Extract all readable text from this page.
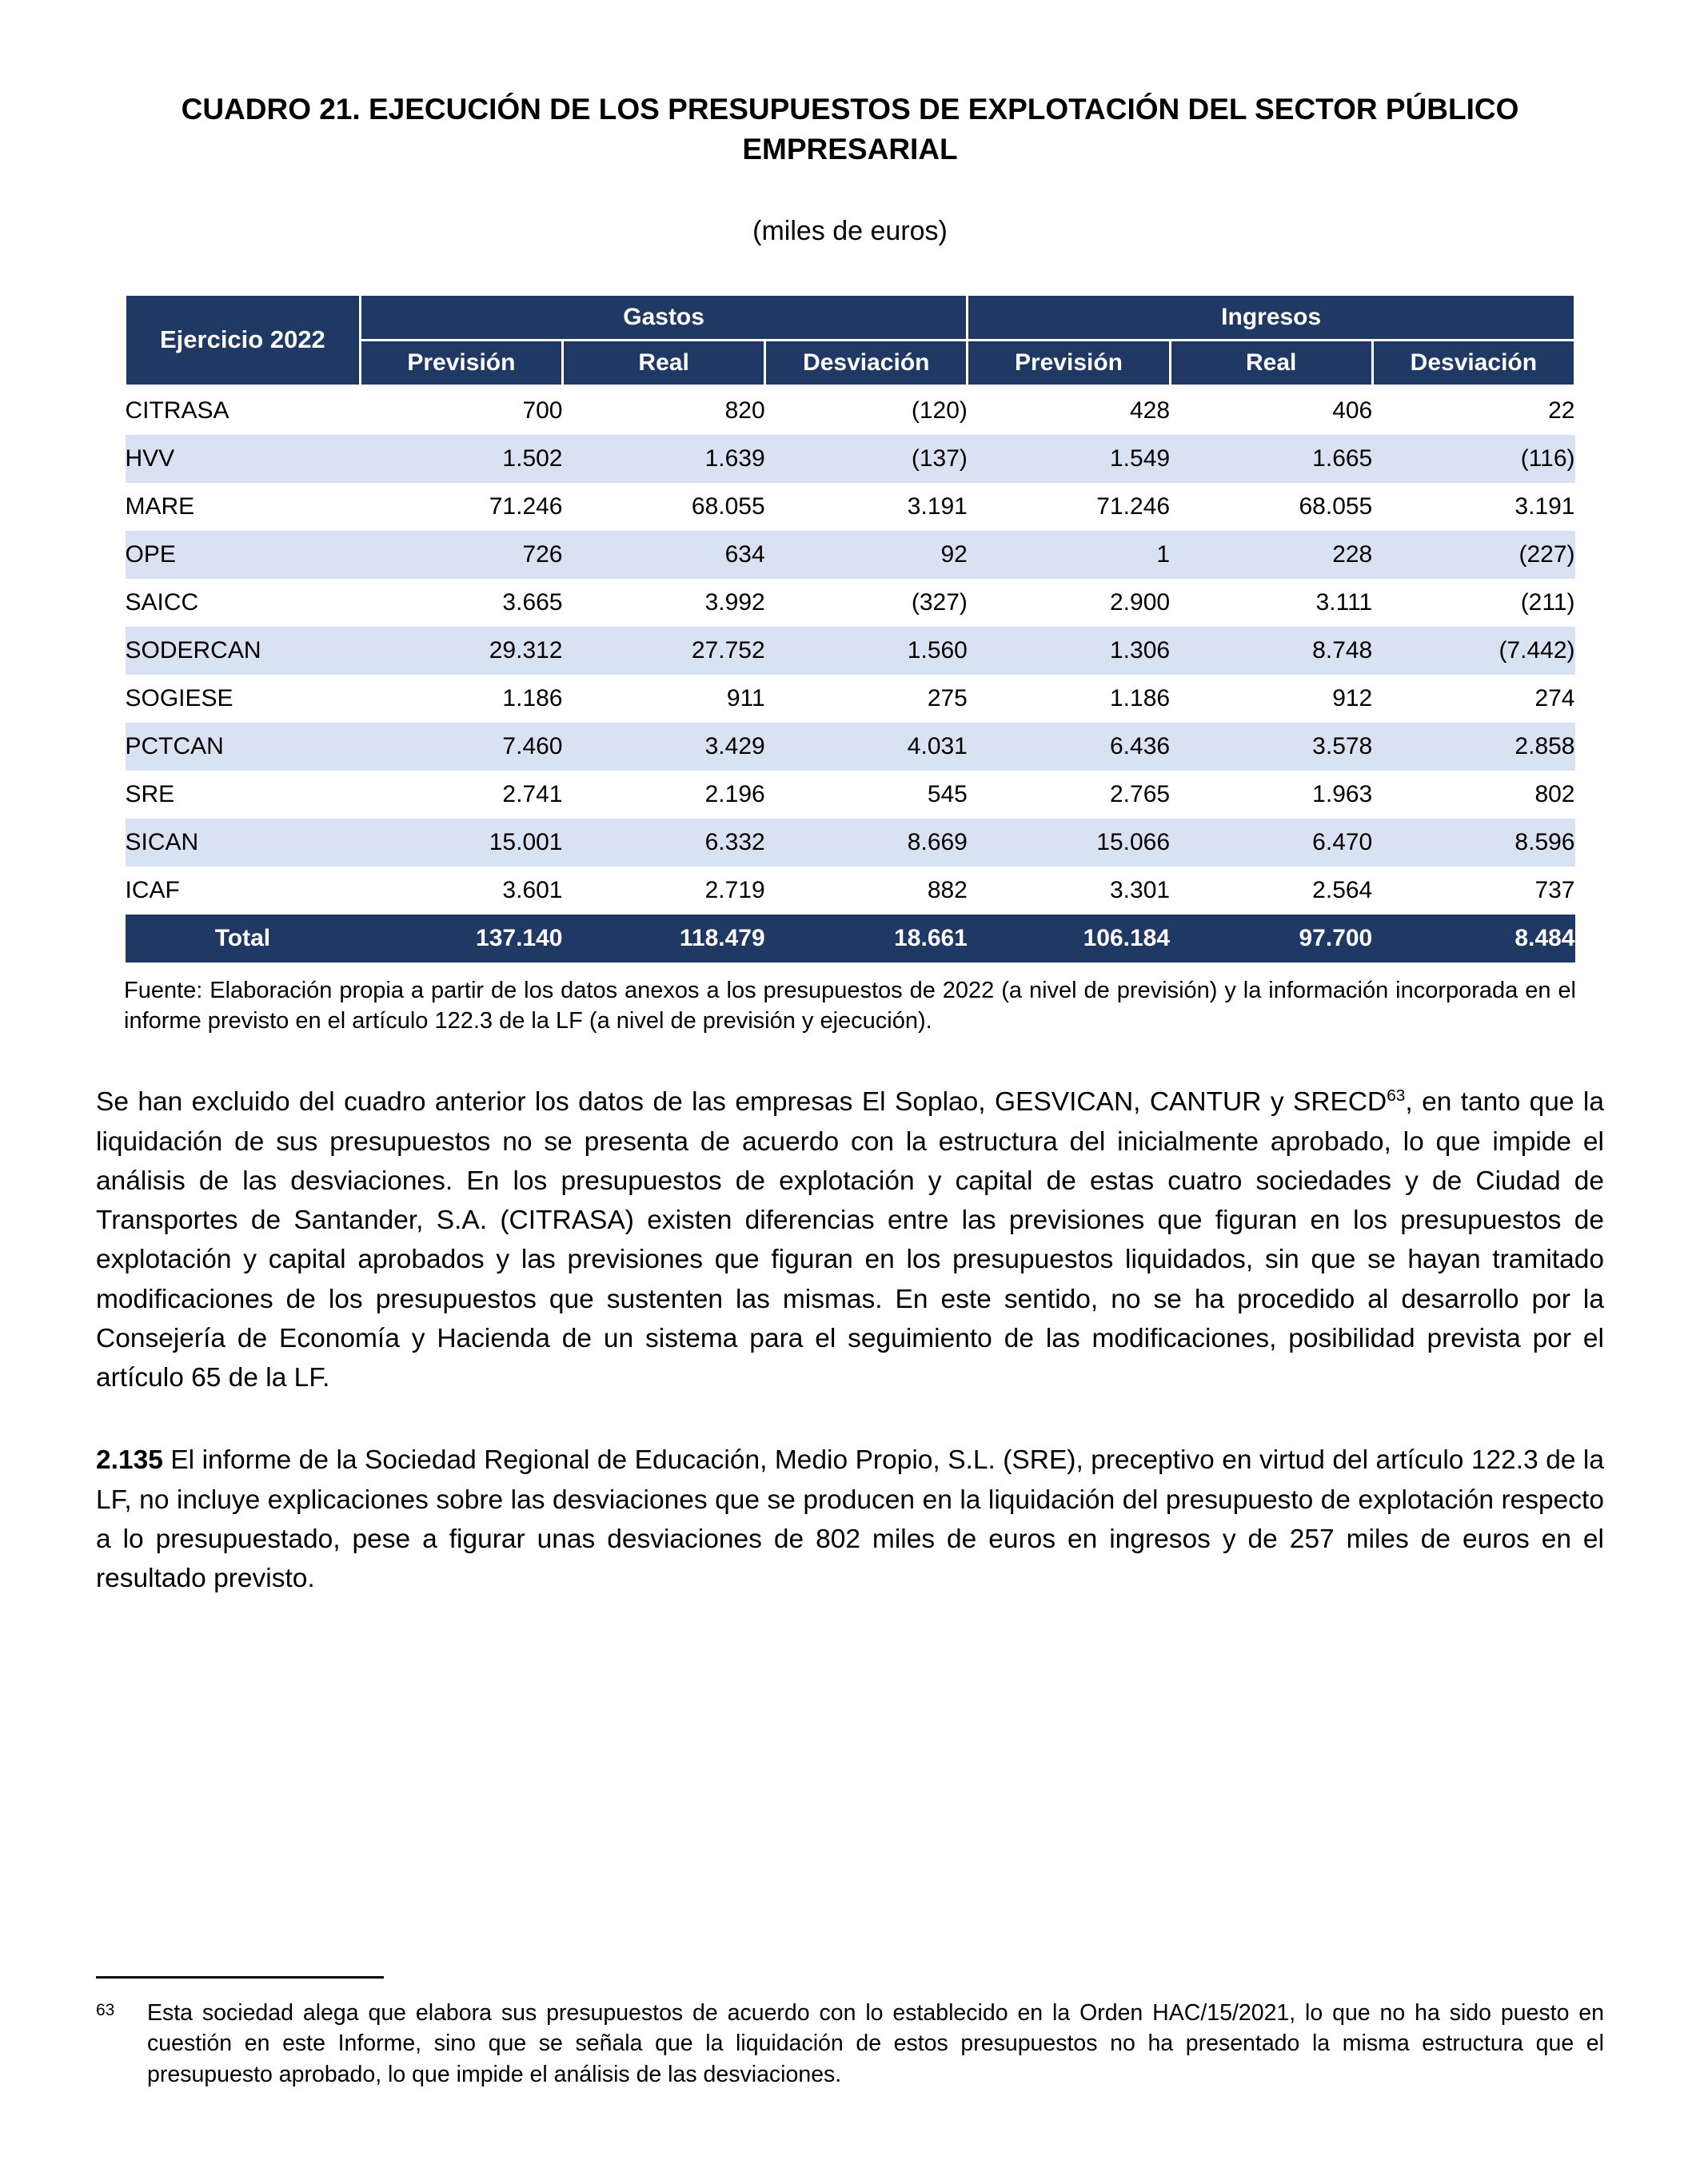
CUADRO 21. EJECUCIÓN DE LOS PRESUPUESTOS DE EXPLOTACIÓN DEL SECTOR PÚBLICO EMPRESARIAL
(miles de euros)
Ejercicio 2022	Gastos			Ingresos		
	Previsión	Real	Desviación	Previsión	Real	Desviación
CITRASA	700	820	(120)	428	406	22
HVV	1.502	1.639	(137)	1.549	1.665	(116)
MARE	71.246	68.055	3.191	71.246	68.055	3.191
OPE	726	634	92	1	228	(227)
SAICC	3.665	3.992	(327)	2.900	3.111	(211)
SODERCAN	29.312	27.752	1.560	1.306	8.748	(7.442)
SOGIESE	1.186	911	275	1.186	912	274
PCTCAN	7.460	3.429	4.031	6.436	3.578	2.858
SRE	2.741	2.196	545	2.765	1.963	802
SICAN	15.001	6.332	8.669	15.066	6.470	8.596
ICAF	3.601	2.719	882	3.301	2.564	737
Total	137.140	118.479	18.661	106.184	97.700	8.484
Fuente: Elaboración propia a partir de los datos anexos a los presupuestos de 2022 (a nivel de previsión) y la información incorporada en el informe previsto en el artículo 122.3 de la LF (a nivel de previsión y ejecución).

Se han excluido del cuadro anterior los datos de las empresas El Soplao, GESVICAN, CANTUR y SRECD$^{63}$, en tanto que la liquidación de sus presupuestos no se presenta de acuerdo con la estructura del inicialmente aprobado, lo que impide el análisis de las desviaciones. En los presupuestos de explotación y capital de estas cuatro sociedades y de Ciudad de Transportes de Santander, S.A. (CITRASA) existen diferencias entre las previsiones que figuran en los presupuestos de explotación y capital aprobados y las previsiones que figuran en los presupuestos liquidados, sin que se hayan tramitado modificaciones de los presupuestos que sustenten las mismas. En este sentido, no se ha procedido al desarrollo por la Consejería de Economía y Hacienda de un sistema para el seguimiento de las modificaciones, posibilidad prevista por el artículo 65 de la LF.

2.135 El informe de la Sociedad Regional de Educación, Medio Propio, S.L. (SRE), preceptivo en virtud del artículo 122.3 de la LF, no incluye explicaciones sobre las desviaciones que se producen en la liquidación del presupuesto de explotación respecto a lo presupuestado, pese a figurar unas desviaciones de 802 miles de euros en ingresos y de 257 miles de euros en el resultado previsto.

63	Esta sociedad alega que elabora sus presupuestos de acuerdo con lo establecido en la Orden HAC/15/2021, lo que no ha sido puesto en cuestión en este Informe, sino que se señala que la liquidación de estos presupuestos no ha presentado la misma estructura que el presupuesto aprobado, lo que impide el análisis de las desviaciones.
